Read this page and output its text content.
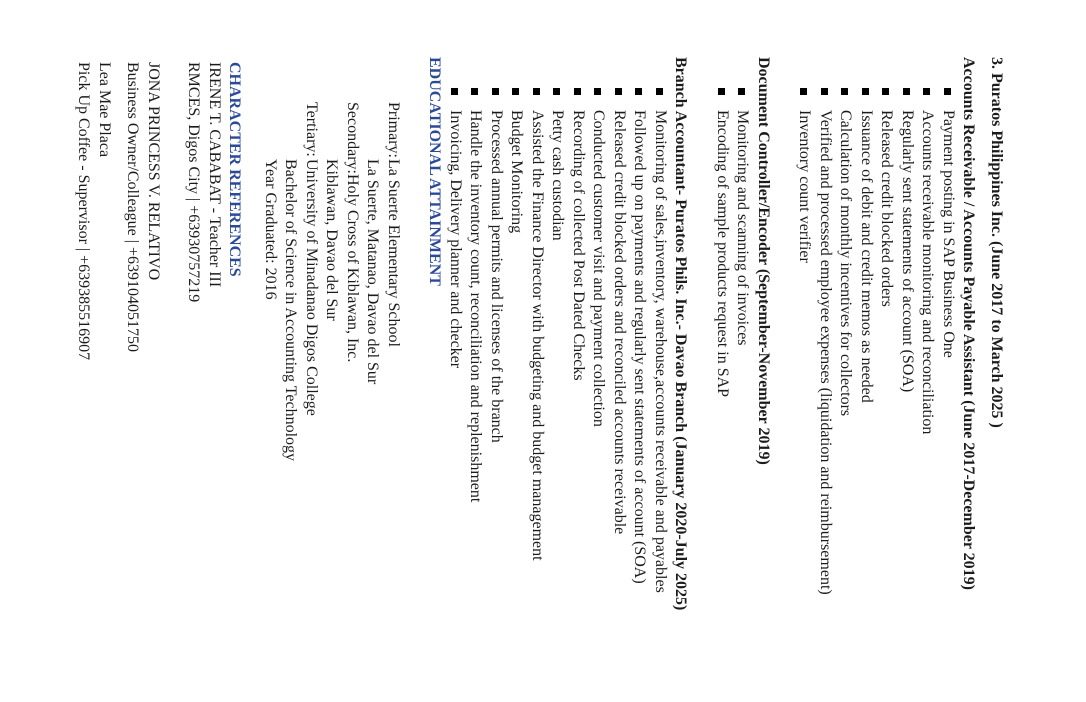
3. Puratos Philippines Inc. (June 2017 to March 2025 )
Accounts Receivable / Accounts Payable Assistant (June 2017-December 2019)
Payment posting in SAP Business One
Accounts receivable monitoring and reconciliation
Regularly sent statements of account (SOA)
Released credit blocked orders
Issuance of debit and credit memos as needed
Calculation of monthly incentives for collectors
Verified and processed employee expenses (liquidation and reimbursement)
Inventory count verifier
Document Controller/Encoder (September-November 2019)
Monitoring and scanning of invoices
Encoding of sample products request in SAP
Branch Accountant- Puratos Phils. Inc.- Davao Branch (January 2020-July 2025)
Monitoring of sales,inventory, warehouse,accounts receivable and payables
Followed up on payments and regularly sent statements of account (SOA)
Released credit blocked orders and reconciled accounts receivable
Conducted customer visit and payment collection
Recording of collected Post Dated Checks
Petty cash custodian
Assisted the Finance Director with budgeting and budget management
Budget Monitoring
Processed annual permits and licenses of the branch
Handle the inventory count, reconciliation and replenishment
Invoicing, Delivery planner and checker
EDUCATIONAL ATTAINMENT
Primary:
La Suerte Elementary School
La Suerte, Matanao, Davao del Sur
Secondary:
Holy Cross of Kiblawan, Inc.
Kiblawan, Davao del Sur
Tertiary:
University of Minadanao Digos College
Bachelor of Science in Accounting Technology
Year Graduated: 2016
CHARACTER REFERENCES
IRENE T. CABABAT - Teacher III
RMCES, Digos City | +63930757219
JONA PRINCESS V. RELATIVO
Business Owner/Colleague | +639104051750
Lea Mae Placa
Pick Up Coffee - Supervisor | +639385516907
